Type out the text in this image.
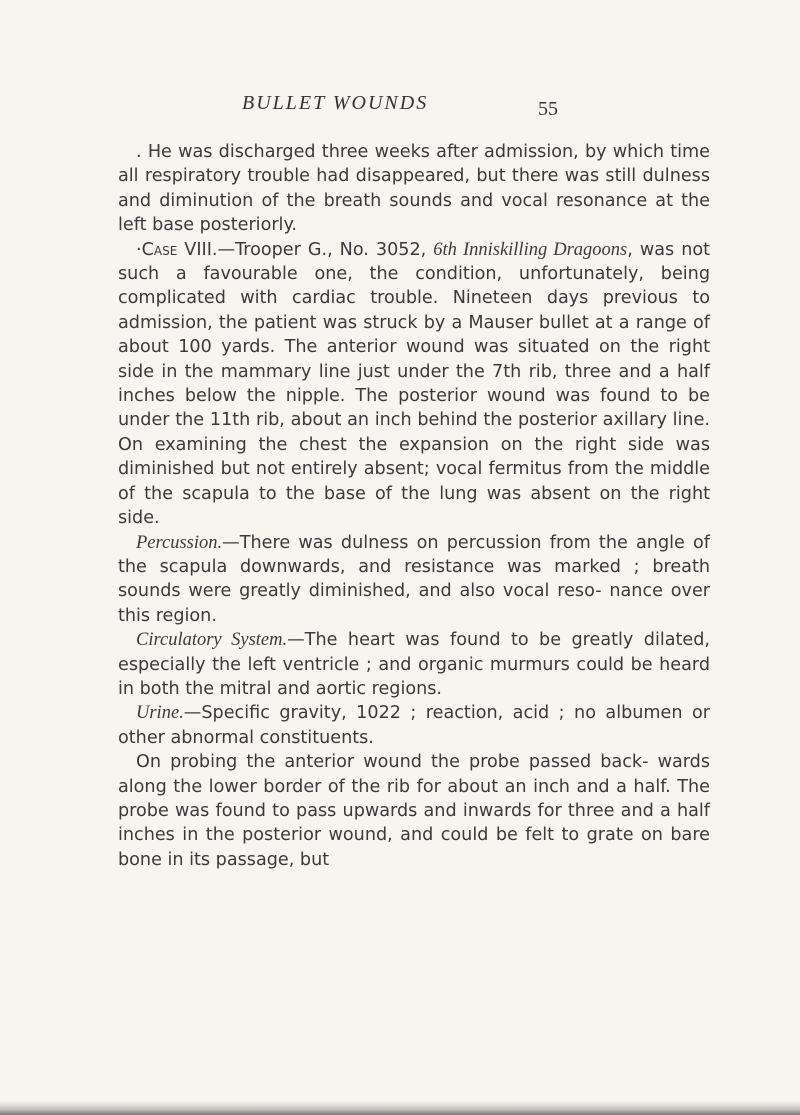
BULLET WOUNDS	55

. He was discharged three weeks after admission, by which time all respiratory trouble had disappeared, but there was still dulness and diminution of the breath sounds and vocal resonance at the left base posteriorly.

·Case VIII.—Trooper G., No. 3052, 6th Inniskilling Dragoons, was not such a favourable one, the condition, unfortunately, being complicated with cardiac trouble. Nineteen days previous to admission, the patient was struck by a Mauser bullet at a range of about 100 yards. The anterior wound was situated on the right side in the mammary line just under the 7th rib, three and a half inches below the nipple. The posterior wound was found to be under the 11th rib, about an inch behind the posterior axillary line. On examining the chest the expansion on the right side was diminished but not entirely absent; vocal fermitus from the middle of the scapula to the base of the lung was absent on the right side.

Percussion.—There was dulness on percussion from the angle of the scapula downwards, and resistance was marked ; breath sounds were greatly diminished, and also vocal reso- nance over this region.

Circulatory System.—The heart was found to be greatly dilated, especially the left ventricle ; and organic murmurs could be heard in both the mitral and aortic regions.

Urine.—Specific gravity, 1022 ; reaction, acid ; no albumen or other abnormal constituents.

On probing the anterior wound the probe passed back- wards along the lower border of the rib for about an inch and a half. The probe was found to pass upwards and inwards for three and a half inches in the posterior wound, and could be felt to grate on bare bone in its passage, but
